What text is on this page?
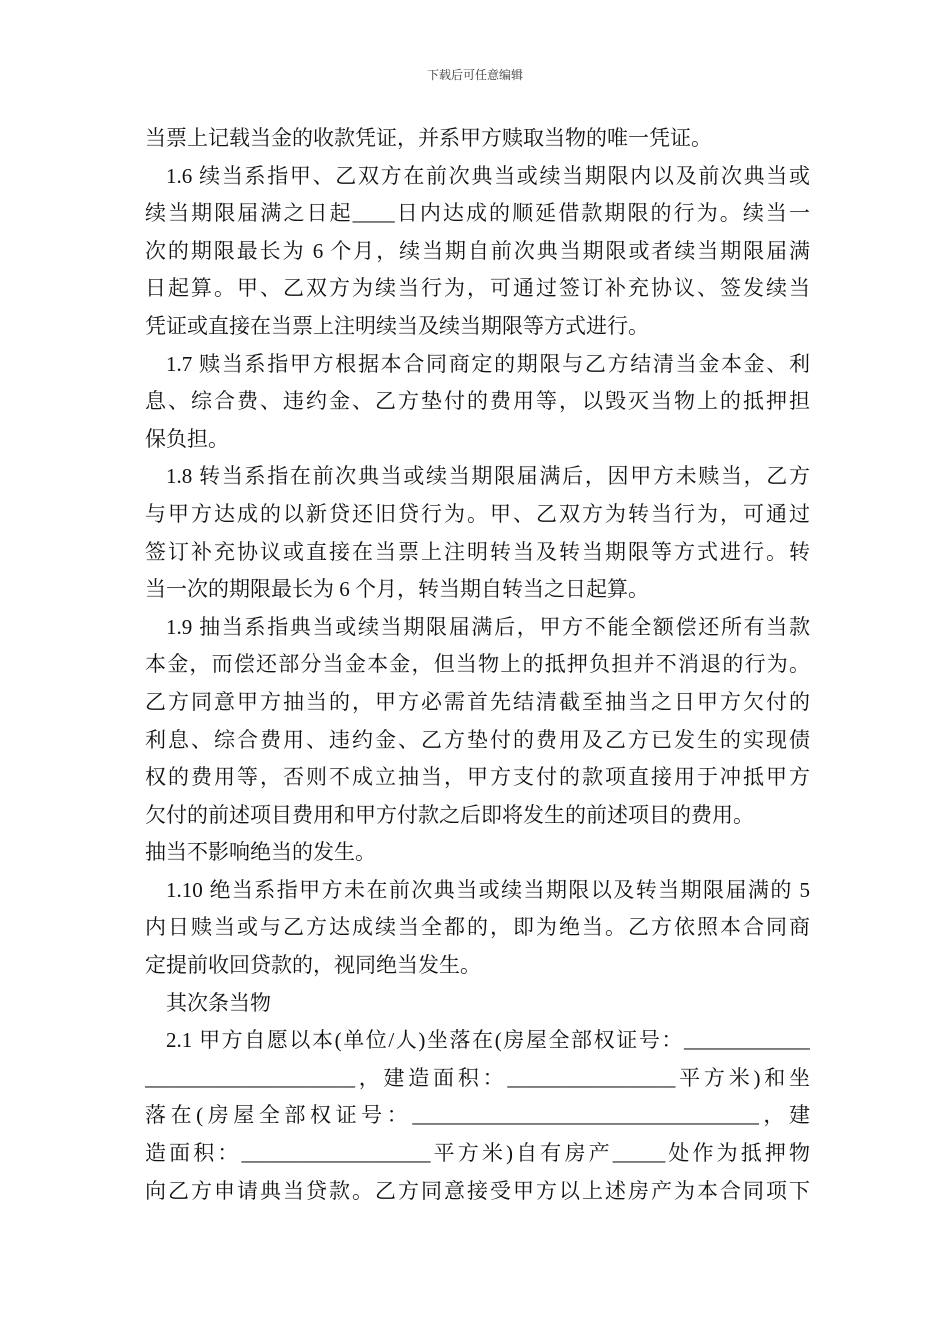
下载后可任意编辑
当票上记载当金的收款凭证，并系甲方赎取当物的唯一凭证。
1.6 续当系指甲、乙双方在前次典当或续当期限内以及前次典当或
续当期限届满之日起____日内达成的顺延借款期限的行为。续当一
次的期限最长为 6 个月，续当期自前次典当期限或者续当期限届满
日起算。甲、乙双方为续当行为，可通过签订补充协议、签发续当
凭证或直接在当票上注明续当及续当期限等方式进行。
1.7 赎当系指甲方根据本合同商定的期限与乙方结清当金本金、利
息、综合费、违约金、乙方垫付的费用等，以毁灭当物上的抵押担
保负担。
1.8 转当系指在前次典当或续当期限届满后，因甲方未赎当，乙方
与甲方达成的以新贷还旧贷行为。甲、乙双方为转当行为，可通过
签订补充协议或直接在当票上注明转当及转当期限等方式进行。转
当一次的期限最长为 6 个月，转当期自转当之日起算。
1.9 抽当系指典当或续当期限届满后，甲方不能全额偿还所有当款
本金，而偿还部分当金本金，但当物上的抵押负担并不消退的行为。
乙方同意甲方抽当的，甲方必需首先结清截至抽当之日甲方欠付的
利息、综合费用、违约金、乙方垫付的费用及乙方已发生的实现债
权的费用等，否则不成立抽当，甲方支付的款项直接用于冲抵甲方
欠付的前述项目费用和甲方付款之后即将发生的前述项目的费用。
抽当不影响绝当的发生。
1.10 绝当系指甲方未在前次典当或续当期限以及转当期限届满的 5
内日赎当或与乙方达成续当全都的，即为绝当。乙方依照本合同商
定提前收回贷款的，视同绝当发生。
其次条当物
2.1 甲方自愿以本(单位/人)坐落在(房屋全部权证号：____________
____________________，建造面积：________________平方米)和坐
落在(房屋全部权证号：_________________________________，建
造面积：__________________平方米)自有房产_____处作为抵押物
向乙方申请典当贷款。乙方同意接受甲方以上述房产为本合同项下
